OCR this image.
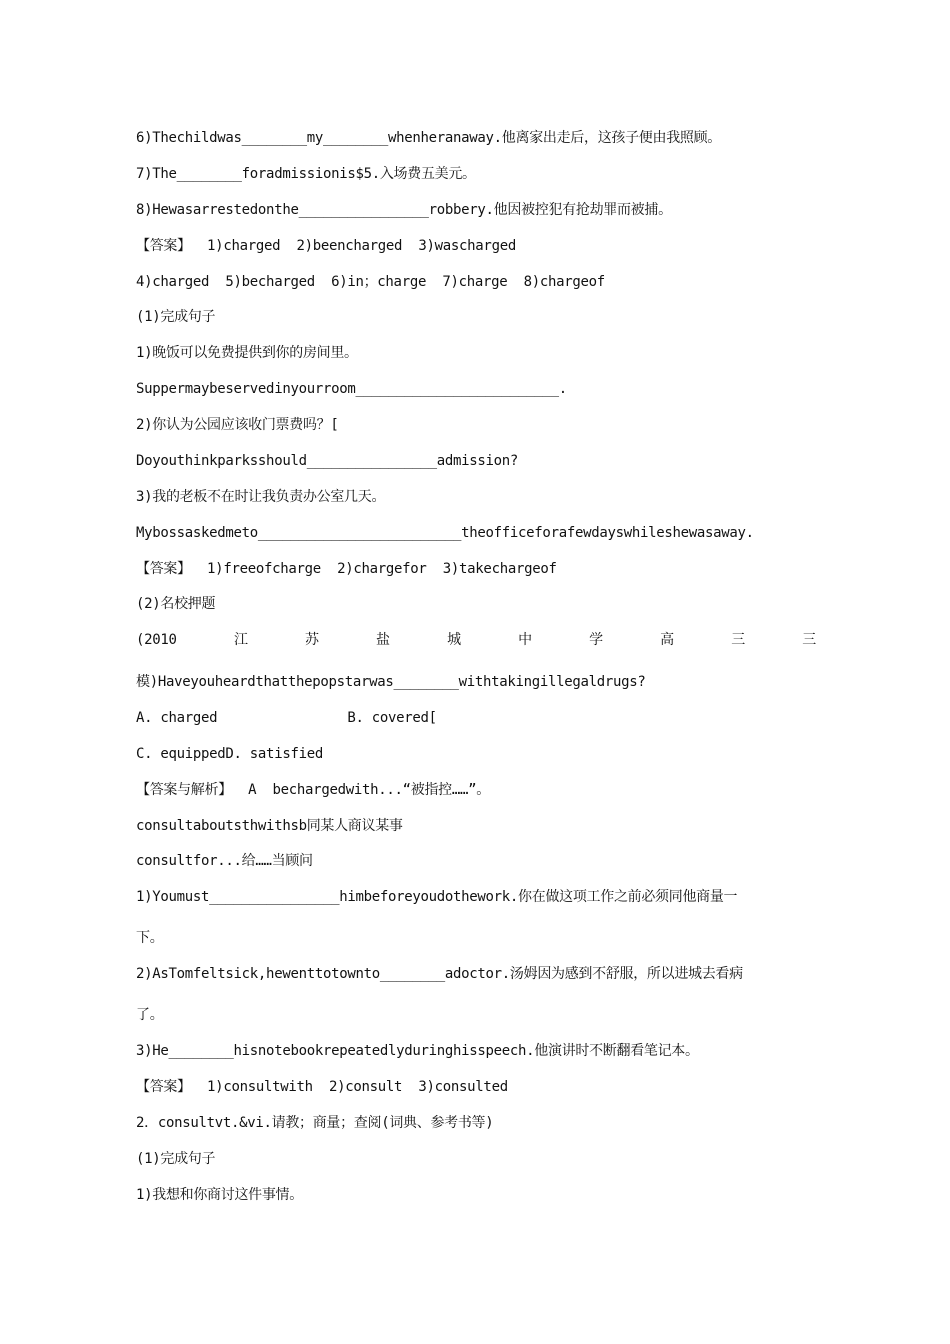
6)Thechildwas________my________whenheranaway.他离家出走后，这孩子便由我照顾。
7)The________foradmissionis$5.入场费五美元。
8)Hewasarrestedonthe________________robbery.他因被控犯有抢劫罪而被捕。
【答案】  1)charged  2)beencharged  3)wascharged
4)charged  5)becharged  6)in；charge  7)charge  8)chargeof
(1)完成句子
1)晚饭可以免费提供到你的房间里。
Suppermaybeservedinyourroom_________________________.
2)你认为公园应该收门票费吗？[
Doyouthinkparksshould________________admission?
3)我的老板不在时让我负责办公室几天。
Mybossaskedmeto_________________________theofficeforafewdayswhileshewasaway.
【答案】  1)freeofcharge  2)chargefor  3)takechargeof
(2)名校押题
(2010	江	苏	盐	城	中	学	高	三	三
模)Haveyouheardthatthepopstarwas________withtakingillegaldrugs?
A. charged                B. covered[
C. equippedD. satisfied
【答案与解析】  A  bechargedwith...“被指控……”。
consultaboutsthwithsb同某人商议某事
consultfor...给……当顾问
1)Youmust________________himbeforeyoudothework.你在做这项工作之前必须同他商量一
下。
2)AsTomfeltsick,hewenttotownto________adoctor.汤姆因为感到不舒服，所以进城去看病
了。
3)He________hisnotebookrepeatedlyduringhisspeech.他演讲时不断翻看笔记本。
【答案】  1)consultwith  2)consult  3)consulted
2．consultvt.&vi.请教；商量；查阅(词典、参考书等)
(1)完成句子
1)我想和你商讨这件事情。
